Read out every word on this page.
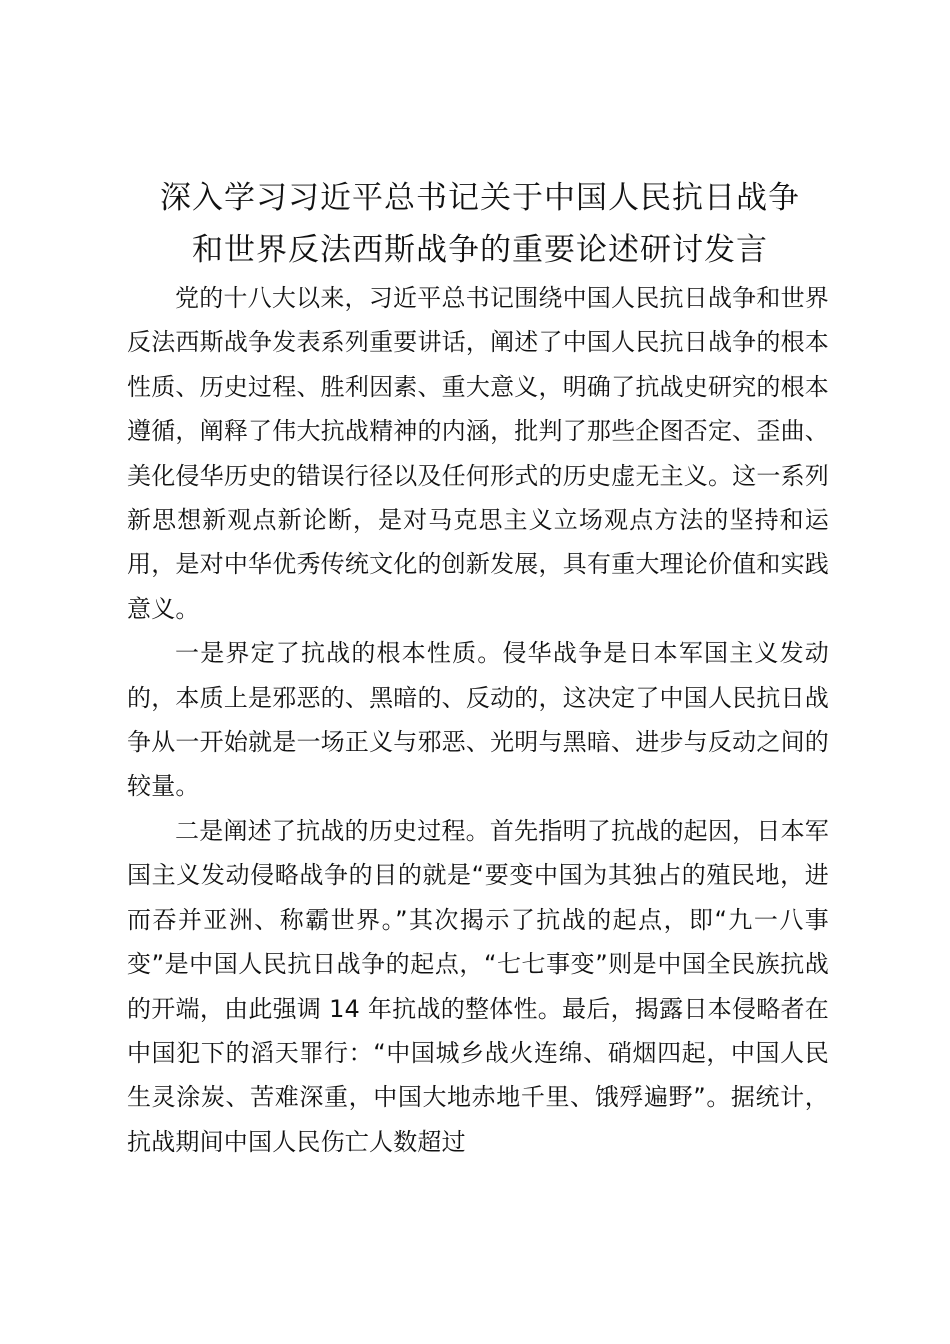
深入学习习近平总书记关于中国人民抗日战争
和世界反法西斯战争的重要论述研讨发言

党的十八大以来，习近平总书记围绕中国人民抗日战争和世界反法西斯战争发表系列重要讲话，阐述了中国人民抗日战争的根本性质、历史过程、胜利因素、重大意义，明确了抗战史研究的根本遵循，阐释了伟大抗战精神的内涵，批判了那些企图否定、歪曲、美化侵华历史的错误行径以及任何形式的历史虚无主义。这一系列新思想新观点新论断，是对马克思主义立场观点方法的坚持和运用，是对中华优秀传统文化的创新发展，具有重大理论价值和实践意义。

一是界定了抗战的根本性质。侵华战争是日本军国主义发动的，本质上是邪恶的、黑暗的、反动的，这决定了中国人民抗日战争从一开始就是一场正义与邪恶、光明与黑暗、进步与反动之间的较量。

二是阐述了抗战的历史过程。首先指明了抗战的起因，日本军国主义发动侵略战争的目的就是“要变中国为其独占的殖民地，进而吞并亚洲、称霸世界。”其次揭示了抗战的起点，即“九一八事变”是中国人民抗日战争的起点，“七七事变”则是中国全民族抗战的开端，由此强调 14 年抗战的整体性。最后，揭露日本侵略者在中国犯下的滔天罪行：“中国城乡战火连绵、硝烟四起，中国人民生灵涂炭、苦难深重，中国大地赤地千里、饿殍遍野”。据统计，抗战期间中国人民伤亡人数超过
